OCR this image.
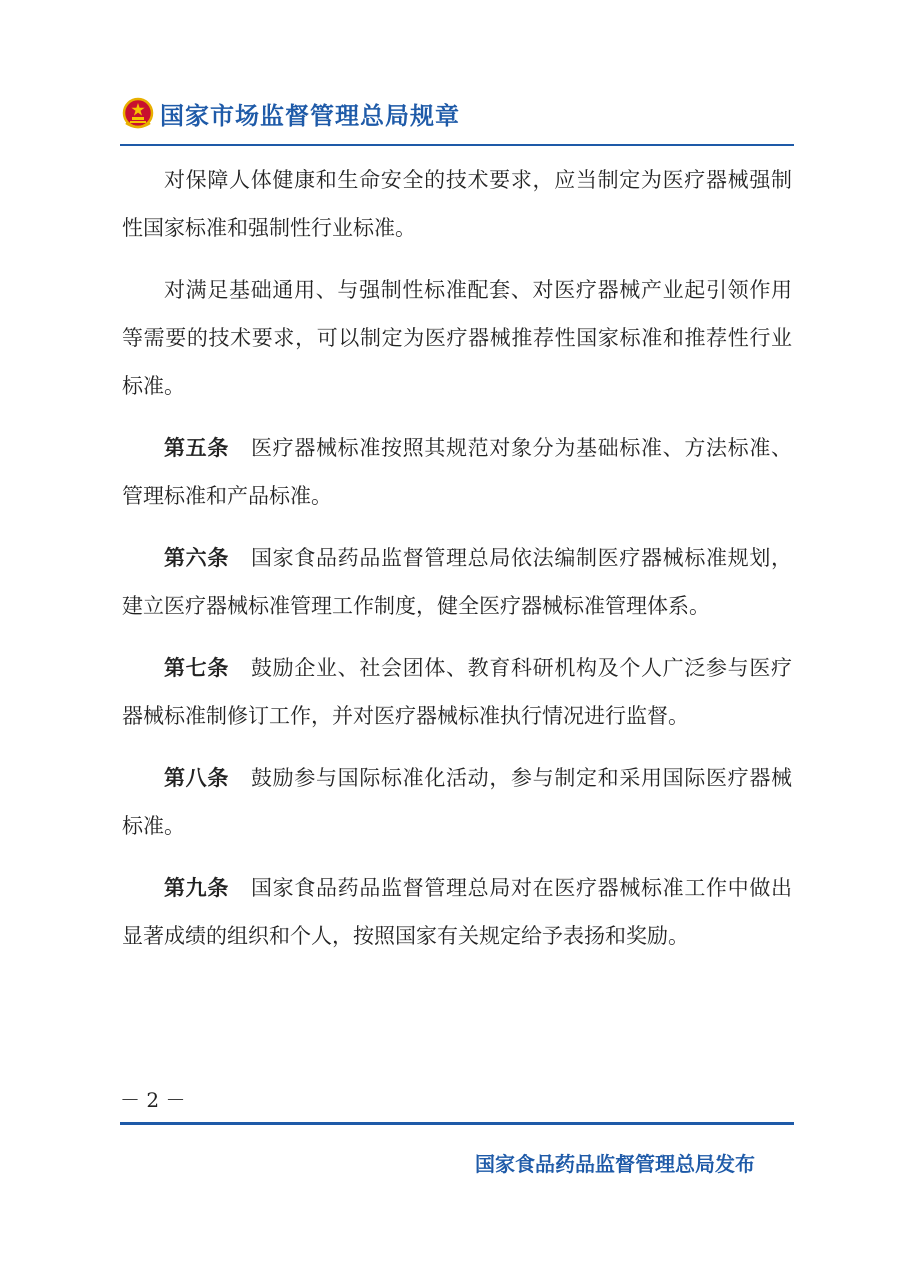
国家市场监督管理总局规章

对保障人体健康和生命安全的技术要求，应当制定为医疗器械强制性国家标准和强制性行业标准。

对满足基础通用、与强制性标准配套、对医疗器械产业起引领作用等需要的技术要求，可以制定为医疗器械推荐性国家标准和推荐性行业标准。

第五条 医疗器械标准按照其规范对象分为基础标准、方法标准、管理标准和产品标准。

第六条 国家食品药品监督管理总局依法编制医疗器械标准规划，建立医疗器械标准管理工作制度，健全医疗器械标准管理体系。

第七条 鼓励企业、社会团体、教育科研机构及个人广泛参与医疗器械标准制修订工作，并对医疗器械标准执行情况进行监督。

第八条 鼓励参与国际标准化活动，参与制定和采用国际医疗器械标准。

第九条 国家食品药品监督管理总局对在医疗器械标准工作中做出显著成绩的组织和个人，按照国家有关规定给予表扬和奖励。

－ 2 －
国家食品药品监督管理总局发布
